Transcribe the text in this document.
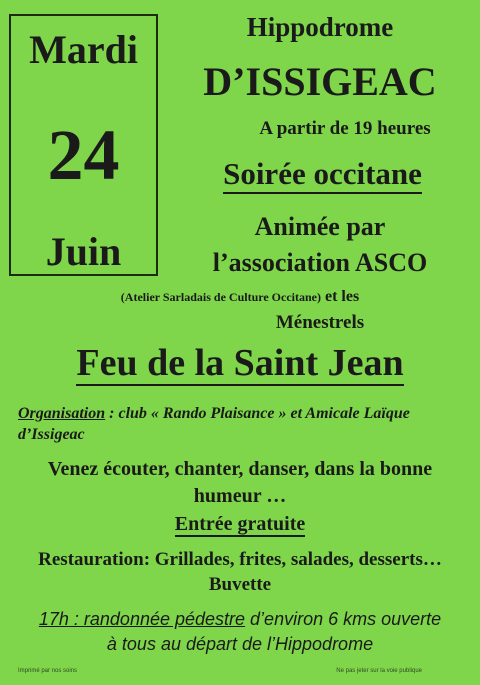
Mardi
24
Juin
Hippodrome
D’ISSIGEAC
A partir de 19 heures
Soirée occitane
Animée par
l’association ASCO
(Atelier Sarladais de Culture Occitane) et les
Ménestrels
Feu de la Saint Jean
Organisation : club « Rando Plaisance » et Amicale Laïque d’Issigeac
Venez écouter, chanter, danser, dans la bonne
humeur …
Entrée gratuite
Restauration: Grillades, frites, salades, desserts…
Buvette
17h : randonnée pédestre d’environ 6 kms ouverte
à tous au départ de l’Hippodrome
Imprimé par nos soins	Ne pas jeter sur la voie publique
